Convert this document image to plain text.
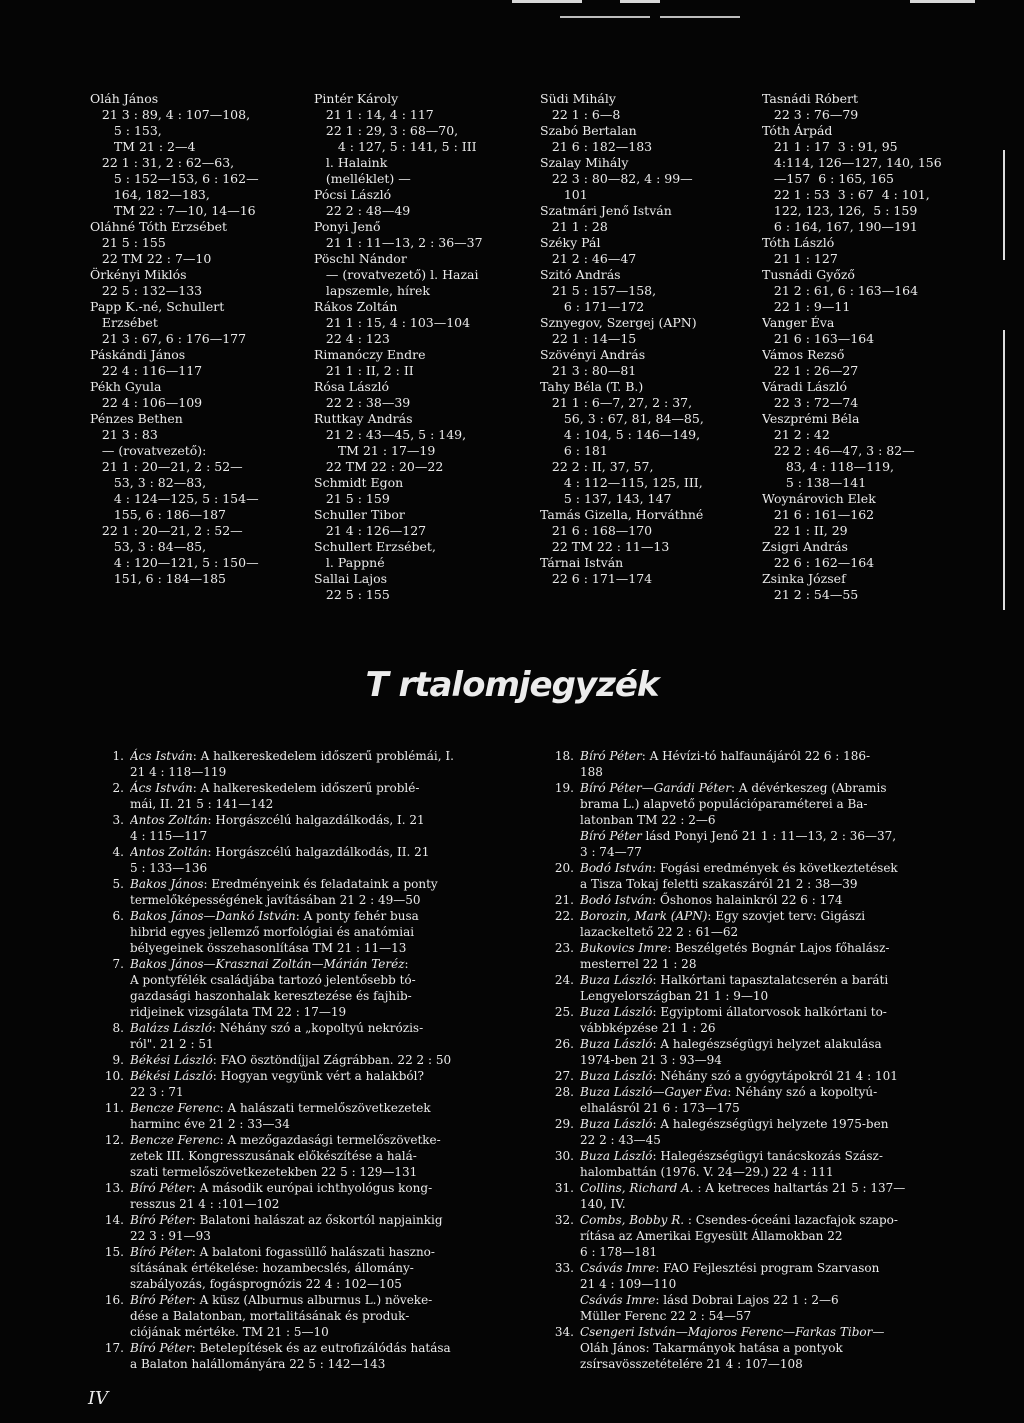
Oláh János
21 3 : 89, 4 : 107—108,
5 : 153,
TM 21 : 2—4
22 1 : 31, 2 : 62—63,
5 : 152—153, 6 : 162—
164, 182—183,
TM 22 : 7—10, 14—16
Oláhné Tóth Erzsébet
21 5 : 155
22 TM 22 : 7—10
Örkényi Miklós
22 5 : 132—133
Papp K.-né, Schullert
Erzsébet
21 3 : 67, 6 : 176—177
Páskándi János
22 4 : 116—117
Pékh Gyula
22 4 : 106—109
Pénzes Bethen
21 3 : 83
— (rovatvezető):
21 1 : 20—21, 2 : 52—
53, 3 : 82—83,
4 : 124—125, 5 : 154—
155, 6 : 186—187
22 1 : 20—21, 2 : 52—
53, 3 : 84—85,
4 : 120—121, 5 : 150—
151, 6 : 184—185
Pintér Károly
21 1 : 14, 4 : 117
22 1 : 29, 3 : 68—70,
4 : 127, 5 : 141, 5 : III
l. Halaink
(melléklet) —
Pócsi László
22 2 : 48—49
Ponyi Jenő
21 1 : 11—13, 2 : 36—37
Pöschl Nándor
— (rovatvezető) l. Hazai
lapszemle, hírek
Rákos Zoltán
21 1 : 15, 4 : 103—104
22 4 : 123
Rimanóczy Endre
21 1 : II, 2 : II
Rósa László
22 2 : 38—39
Ruttkay András
21 2 : 43—45, 5 : 149,
TM 21 : 17—19
22 TM 22 : 20—22
Schmidt Egon
21 5 : 159
Schuller Tibor
21 4 : 126—127
Schullert Erzsébet,
l. Pappné
Sallai Lajos
22 5 : 155
Südi Mihály
22 1 : 6—8
Szabó Bertalan
21 6 : 182—183
Szalay Mihály
22 3 : 80—82, 4 : 99—
101
Szatmári Jenő István
21 1 : 28
Széky Pál
21 2 : 46—47
Szitó András
21 5 : 157—158,
6 : 171—172
Sznyegov, Szergej (APN)
22 1 : 14—15
Szövényi András
21 3 : 80—81
Tahy Béla (T. B.)
21 1 : 6—7, 27, 2 : 37,
56, 3 : 67, 81, 84—85,
4 : 104, 5 : 146—149,
6 : 181
22 2 : II, 37, 57,
4 : 112—115, 125, III,
5 : 137, 143, 147
Tamás Gizella, Horváthné
21 6 : 168—170
22 TM 22 : 11—13
Tárnai István
22 6 : 171—174
Tasnádi Róbert
22 3 : 76—79
Tóth Árpád
21 1 : 17  3 : 91, 95
4:114, 126—127, 140, 156
—157  6 : 165, 165
22 1 : 53  3 : 67  4 : 101,
122, 123, 126,  5 : 159
6 : 164, 167, 190—191
Tóth László
21 1 : 127
Tusnádi Győző
21 2 : 61, 6 : 163—164
22 1 : 9—11
Vanger Éva
21 6 : 163—164
Vámos Rezső
22 1 : 26—27
Váradi László
22 3 : 72—74
Veszprémi Béla
21 2 : 42
22 2 : 46—47, 3 : 82—
83, 4 : 118—119,
5 : 138—141
Woynárovich Elek
21 6 : 161—162
22 1 : II, 29
Zsigri András
22 6 : 162—164
Zsinka József
21 2 : 54—55
T rtalomjegyzék
1. Ács István: A halkereskedelem időszerű problémái, I.
21 4 : 118—119
2. Ács István: A halkereskedelem időszerű problé-
mái, II. 21 5 : 141—142
3. Antos Zoltán: Horgászcélú halgazdálkodás, I. 21
4 : 115—117
4. Antos Zoltán: Horgászcélú halgazdálkodás, II. 21
5 : 133—136
5. Bakos János: Eredményeink és feladataink a ponty
termelőképességének javításában 21 2 : 49—50
6. Bakos János—Dankó István: A ponty fehér busa
hibrid egyes jellemző morfológiai és anatómiai
bélyegeinek összehasonlítása TM 21 : 11—13
7. Bakos János—Krasznai Zoltán—Márián Teréz:
A pontyfélék családjába tartozó jelentősebb tó-
gazdasági haszonhalak keresztezése és fajhib-
ridjeinek vizsgálata TM 22 : 17—19
8. Balázs László: Néhány szó a „kopoltyú nekrózis-
ról". 21 2 : 51
9. Békési László: FAO ösztöndíjjal Zágrábban. 22 2 : 50
10. Békési László: Hogyan vegyünk vért a halakból?
22 3 : 71
11. Bencze Ferenc: A halászati termelőszövetkezetek
harminc éve 21 2 : 33—34
12. Bencze Ferenc: A mezőgazdasági termelőszövetke-
zetek III. Kongresszusának előkészítése a halá-
szati termelőszövetkezetekben 22 5 : 129—131
13. Bíró Péter: A második európai ichthyológus kong-
resszus 21 4 : :101—102
14. Bíró Péter: Balatoni halászat az őskortól napjainkig
22 3 : 91—93
15. Bíró Péter: A balatoni fogassüllő halászati haszno-
sításának értékelése: hozambecslés, állomány-
szabályozás, fogásprognózis 22 4 : 102—105
16. Bíró Péter: A küsz (Alburnus alburnus L.) növeke-
dése a Balatonban, mortalitásának és produk-
ciójának mértéke. TM 21 : 5—10
17. Bíró Péter: Betelepítések és az eutrofizálódás hatása
a Balaton halállományára 22 5 : 142—143
18. Bíró Péter: A Hévízi-tó halfaunájáról 22 6 : 186-
188
19. Bíró Péter—Garádi Péter: A dévérkeszeg (Abramis
brama L.) alapvető populációparaméterei a Ba-
latonban TM 22 : 2—6
Bíró Péter lásd Ponyi Jenő 21 1 : 11—13, 2 : 36—37,
3 : 74—77
20. Bodó István: Fogási eredmények és következtetések
a Tisza Tokaj feletti szakaszáról 21 2 : 38—39
21. Bodó István: Őshonos halainkról 22 6 : 174
22. Borozin, Mark (APN): Egy szovjet terv: Gigászi
lazackeltető 22 2 : 61—62
23. Bukovics Imre: Beszélgetés Bognár Lajos főhalász-
mesterrel 22 1 : 28
24. Buza László: Halkórtani tapasztalatcserén a baráti
Lengyelországban 21 1 : 9—10
25. Buza László: Egyiptomi állatorvosok halkórtani to-
vábbképzése 21 1 : 26
26. Buza László: A halegészségügyi helyzet alakulása
1974-ben 21 3 : 93—94
27. Buza László: Néhány szó a gyógytápokról 21 4 : 101
28. Buza László—Gayer Éva: Néhány szó a kopoltyú-
elhalásról 21 6 : 173—175
29. Buza László: A halegészségügyi helyzete 1975-ben
22 2 : 43—45
30. Buza László: Halegészségügyi tanácskozás Szász-
halombattán (1976. V. 24—29.) 22 4 : 111
31. Collins, Richard A. : A ketreces haltartás 21 5 : 137—
140, IV.
32. Combs, Bobby R. : Csendes-óceáni lazacfajok szapo-
rítása az Amerikai Egyesült Államokban 22
6 : 178—181
33. Csávás Imre: FAO Fejlesztési program Szarvason
21 4 : 109—110
Csávás Imre: lásd Dobrai Lajos 22 1 : 2—6
Müller Ferenc 22 2 : 54—57
34. Csengeri István—Majoros Ferenc—Farkas Tibor—
Oláh János: Takarmányok hatása a pontyok
zsírsavösszetételére 21 4 : 107—108
IV
